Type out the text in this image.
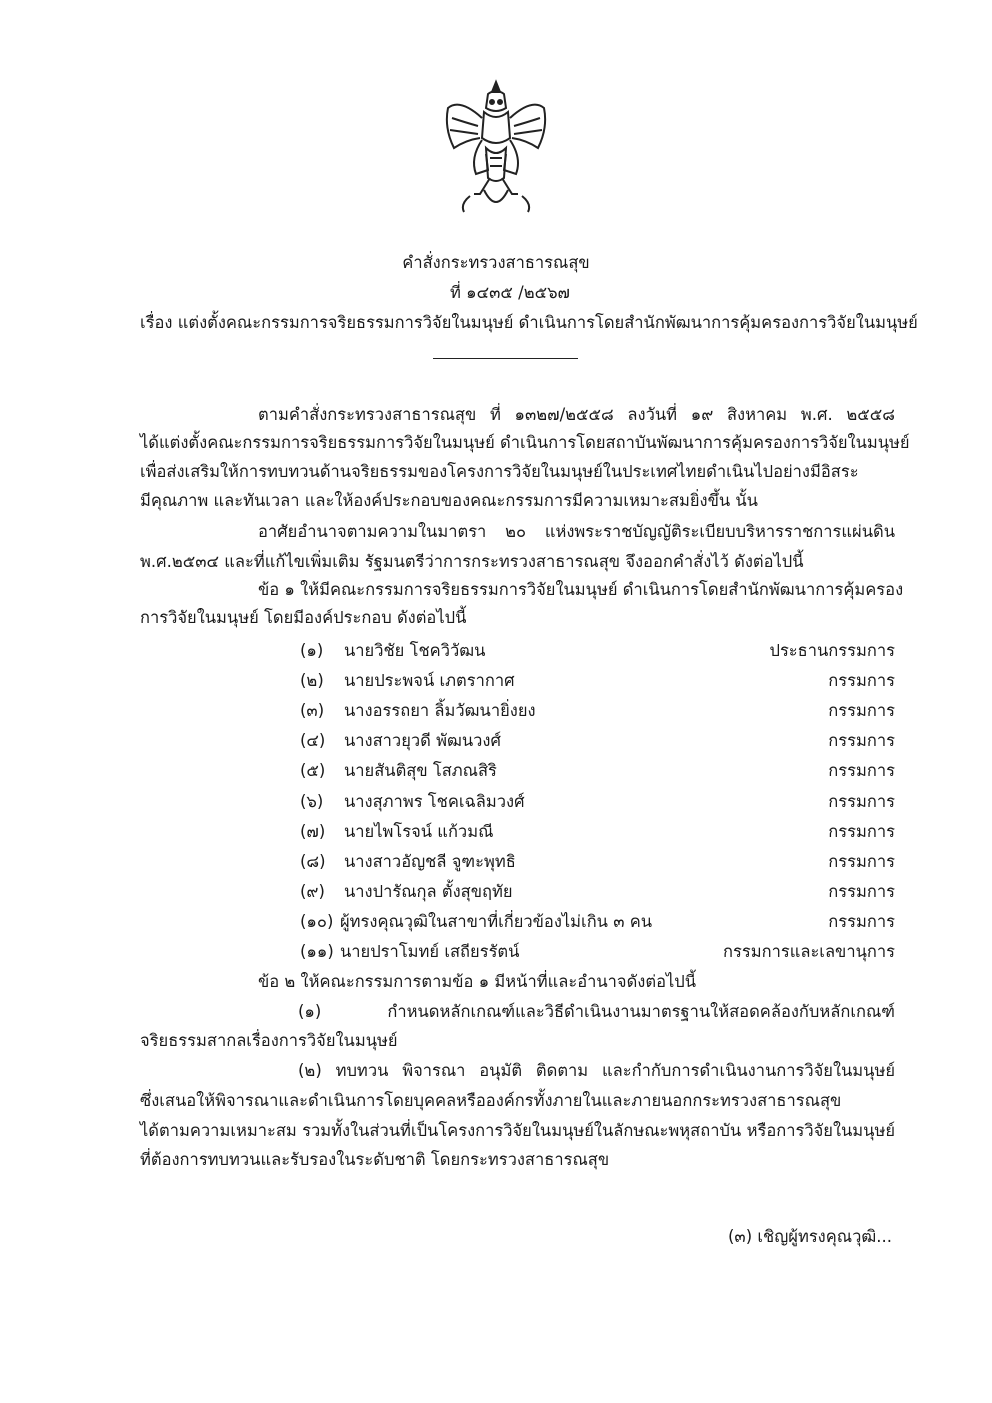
คำสั่งกระทรวงสาธารณสุข
ที่ ๑๔๓๕ /๒๕๖๗
เรื่อง แต่งตั้งคณะกรรมการจริยธรรมการวิจัยในมนุษย์ ดำเนินการโดยสำนักพัฒนาการคุ้มครองการวิจัยในมนุษย์
ตามคำสั่งกระทรวงสาธารณสุข ที่ ๑๓๒๗/๒๕๕๘ ลงวันที่ ๑๙ สิงหาคม พ.ศ. ๒๕๕๘
ได้แต่งตั้งคณะกรรมการจริยธรรมการวิจัยในมนุษย์ ดำเนินการโดยสถาบันพัฒนาการคุ้มครองการวิจัยในมนุษย์
เพื่อส่งเสริมให้การทบทวนด้านจริยธรรมของโครงการวิจัยในมนุษย์ในประเทศไทยดำเนินไปอย่างมีอิสระ
มีคุณภาพ และทันเวลา และให้องค์ประกอบของคณะกรรมการมีความเหมาะสมยิ่งขึ้น นั้น
อาศัยอำนาจตามความในมาตรา ๒๐ แห่งพระราชบัญญัติระเบียบบริหารราชการแผ่นดิน
พ.ศ.๒๕๓๔ และที่แก้ไขเพิ่มเติม รัฐมนตรีว่าการกระทรวงสาธารณสุข จึงออกคำสั่งไว้ ดังต่อไปนี้
ข้อ ๑ ให้มีคณะกรรมการจริยธรรมการวิจัยในมนุษย์ ดำเนินการโดยสำนักพัฒนาการคุ้มครอง
การวิจัยในมนุษย์ โดยมีองค์ประกอบ ดังต่อไปนี้
(๑) นายวิชัย โชควิวัฒน	ประธานกรรมการ
(๒) นายประพจน์ เภตรากาศ	กรรมการ
(๓) นางอรรถยา ลิ้มวัฒนายิ่งยง	กรรมการ
(๔) นางสาวยุวดี พัฒนวงศ์	กรรมการ
(๕) นายสันติสุข โสภณสิริ	กรรมการ
(๖) นางสุภาพร โชคเฉลิมวงศ์	กรรมการ
(๗) นายไพโรจน์ แก้วมณี	กรรมการ
(๘) นางสาวอัญชลี จูฑะพุทธิ	กรรมการ
(๙) นางปารัณกุล ตั้งสุขฤทัย	กรรมการ
(๑๐) ผู้ทรงคุณวุฒิในสาขาที่เกี่ยวข้องไม่เกิน ๓ คน	กรรมการ
(๑๑) นายปราโมทย์ เสถียรรัตน์	กรรมการและเลขานุการ
ข้อ ๒ ให้คณะกรรมการตามข้อ ๑ มีหน้าที่และอำนาจดังต่อไปนี้
(๑) กำหนดหลักเกณฑ์และวิธีดำเนินงานมาตรฐานให้สอดคล้องกับหลักเกณฑ์
จริยธรรมสากลเรื่องการวิจัยในมนุษย์
(๒) ทบทวน พิจารณา อนุมัติ ติดตาม และกำกับการดำเนินงานการวิจัยในมนุษย์
ซึ่งเสนอให้พิจารณาและดำเนินการโดยบุคคลหรือองค์กรทั้งภายในและภายนอกกระทรวงสาธารณสุข
ได้ตามความเหมาะสม รวมทั้งในส่วนที่เป็นโครงการวิจัยในมนุษย์ในลักษณะพหุสถาบัน หรือการวิจัยในมนุษย์
ที่ต้องการทบทวนและรับรองในระดับชาติ โดยกระทรวงสาธารณสุข
(๓) เชิญผู้ทรงคุณวุฒิ...
